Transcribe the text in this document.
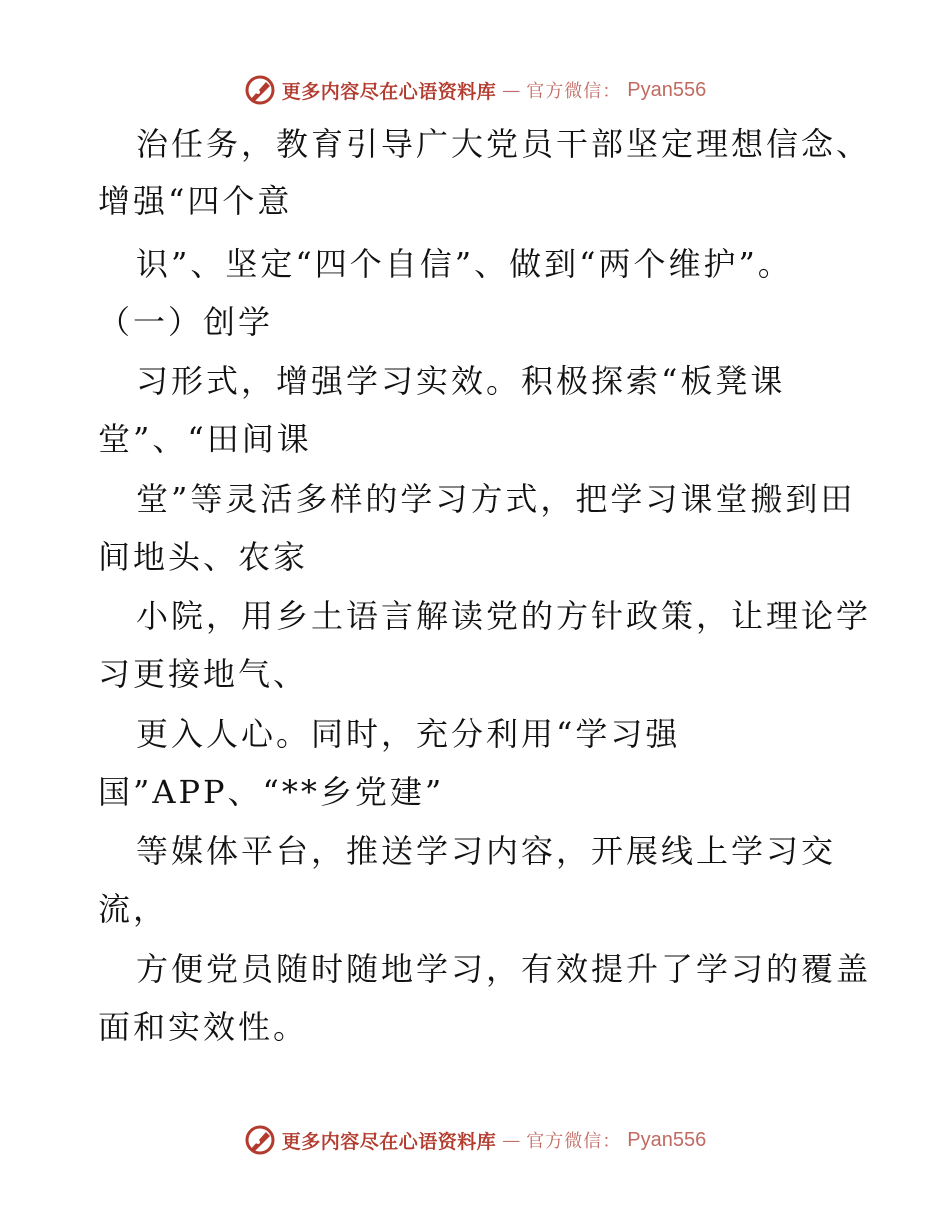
更多内容尽在心语资料库 — 官方微信： Pyan556
治任务，教育引导广大党员干部坚定理想信念、
增强“四个意
识”、坚定“四个自信”、做到“两个维护”。
（一）创学
习形式，增强学习实效。积极探索“板凳课
堂”、“田间课
堂”等灵活多样的学习方式，把学习课堂搬到田
间地头、农家
小院，用乡土语言解读党的方针政策，让理论学
习更接地气、
更入人心。同时，充分利用“学习强
国”APP、“**乡党建”
等媒体平台，推送学习内容，开展线上学习交
流，
方便党员随时随地学习，有效提升了学习的覆盖
面和实效性。
更多内容尽在心语资料库 — 官方微信： Pyan556
